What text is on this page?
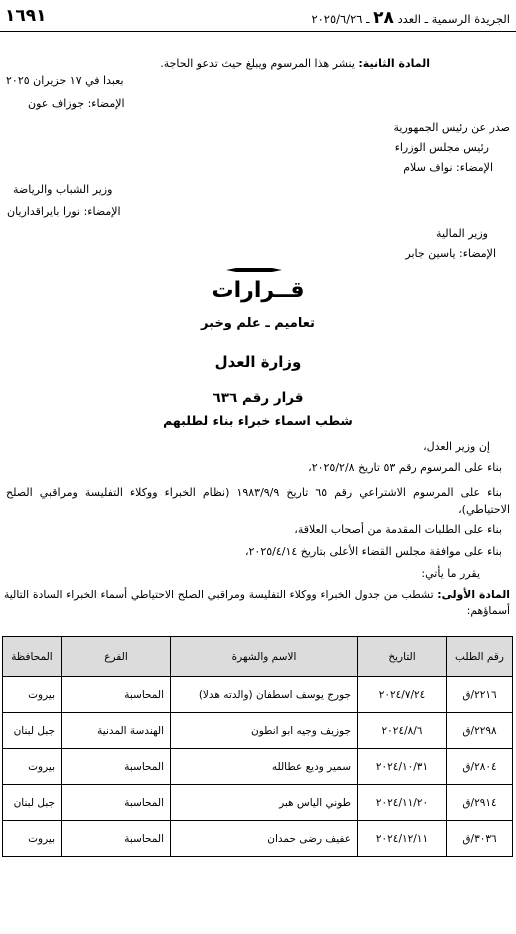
الجريدة الرسمية ـ العدد ٢٨ ـ ٢٠٢٥/٦/٢٦
١٦٩١
المادة الثانية: ينشر هذا المرسوم ويبلغ حيث تدعو الحاجة.
بعبدا في ١٧ حزيران ٢٠٢٥
الإمضاء: جوزاف عون
صدر عن رئيس الجمهورية
رئيس مجلس الوزراء
الإمضاء: نواف سلام
وزير الشباب والرياضة
الإمضاء: نورا بايراقداريان
وزير المالية
الإمضاء: ياسين جابر
قــرارات
تعاميم ـ علم وخبر
وزارة العدل
قرار رقم ٦٣٦
شطب اسماء خبراء بناء لطلبهم
إن وزير العدل،
بناء على المرسوم رقم ٥٣ تاريخ ٢٠٢٥/٢/٨،
بناء على المرسوم الاشتراعي رقم ٦٥ تاريخ ١٩٨٣/٩/٩ (نظام الخبراء ووكلاء التفليسة ومراقبي الصلح الاحتياطي)،
بناء على الطلبات المقدمة من أصحاب العلاقة،
بناء على موافقة مجلس القضاء الأعلى بتاريخ ٢٠٢٥/٤/١٤،
يقرر ما يأتي:
المادة الأولى: تشطب من جدول الخبراء ووكلاء التفليسة ومراقبي الصلح الاحتياطي أسماء الخبراء السادة التالية أسماؤهم:
رقم الطلب	التاريخ	الاسم والشهرة	الفرع	المحافظة
٢٢١٦/ق	٢٠٢٤/٧/٢٤	جورج يوسف اسطفان (والدته هدلا)	المحاسبة	بيروت
٢٢٩٨/ق	٢٠٢٤/٨/٦	جوزيف وجيه ابو انطون	الهندسة المدنية	جبل لبنان
٢٨٠٤/ق	٢٠٢٤/١٠/٣١	سمير وديع عطالله	المحاسبة	بيروت
٢٩١٤/ق	٢٠٢٤/١١/٢٠	طوني الياس هبر	المحاسبة	جبل لبنان
٣٠٣٦/ق	٢٠٢٤/١٢/١١	عفيف رضى حمدان	المحاسبة	بيروت
